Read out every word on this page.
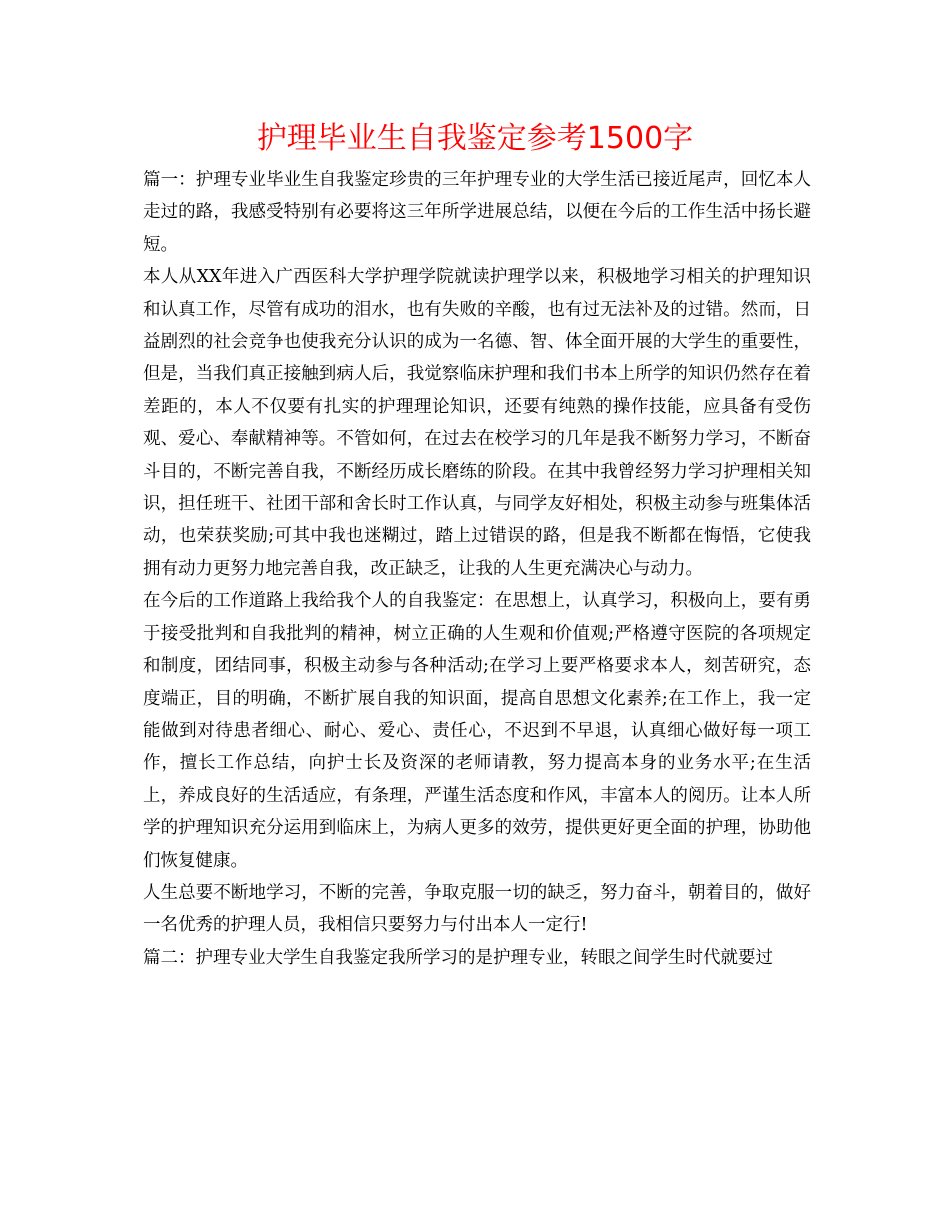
护理毕业生自我鉴定参考1500字

篇一：护理专业毕业生自我鉴定珍贵的三年护理专业的大学生活已接近尾声，回忆本人走过的路，我感受特别有必要将这三年所学进展总结，以便在今后的工作生活中扬长避短。

本人从XX年进入广西医科大学护理学院就读护理学以来，积极地学习相关的护理知识和认真工作，尽管有成功的泪水，也有失败的辛酸，也有过无法补及的过错。然而，日益剧烈的社会竞争也使我充分认识的成为一名德、智、体全面开展的大学生的重要性，但是，当我们真正接触到病人后，我觉察临床护理和我们书本上所学的知识仍然存在着差距的，本人不仅要有扎实的护理理论知识，还要有纯熟的操作技能，应具备有受伤观、爱心、奉献精神等。不管如何，在过去在校学习的几年是我不断努力学习，不断奋斗目的，不断完善自我，不断经历成长磨练的阶段。在其中我曾经努力学习护理相关知识，担任班干、社团干部和舍长时工作认真，与同学友好相处，积极主动参与班集体活动，也荣获奖励;可其中我也迷糊过，踏上过错误的路，但是我不断都在悔悟，它使我拥有动力更努力地完善自我，改正缺乏，让我的人生更充满决心与动力。

在今后的工作道路上我给我个人的自我鉴定：在思想上，认真学习，积极向上，要有勇于接受批判和自我批判的精神，树立正确的人生观和价值观;严格遵守医院的各项规定和制度，团结同事，积极主动参与各种活动;在学习上要严格要求本人，刻苦研究，态度端正，目的明确，不断扩展自我的知识面，提高自思想文化素养;在工作上，我一定能做到对待患者细心、耐心、爱心、责任心，不迟到不早退，认真细心做好每一项工作，擅长工作总结，向护士长及资深的老师请教，努力提高本身的业务水平;在生活上，养成良好的生活适应，有条理，严谨生活态度和作风，丰富本人的阅历。让本人所学的护理知识充分运用到临床上，为病人更多的效劳，提供更好更全面的护理，协助他们恢复健康。

人生总要不断地学习，不断的完善，争取克服一切的缺乏，努力奋斗，朝着目的，做好一名优秀的护理人员，我相信只要努力与付出本人一定行!

篇二：护理专业大学生自我鉴定我所学习的是护理专业，转眼之间学生时代就要过
